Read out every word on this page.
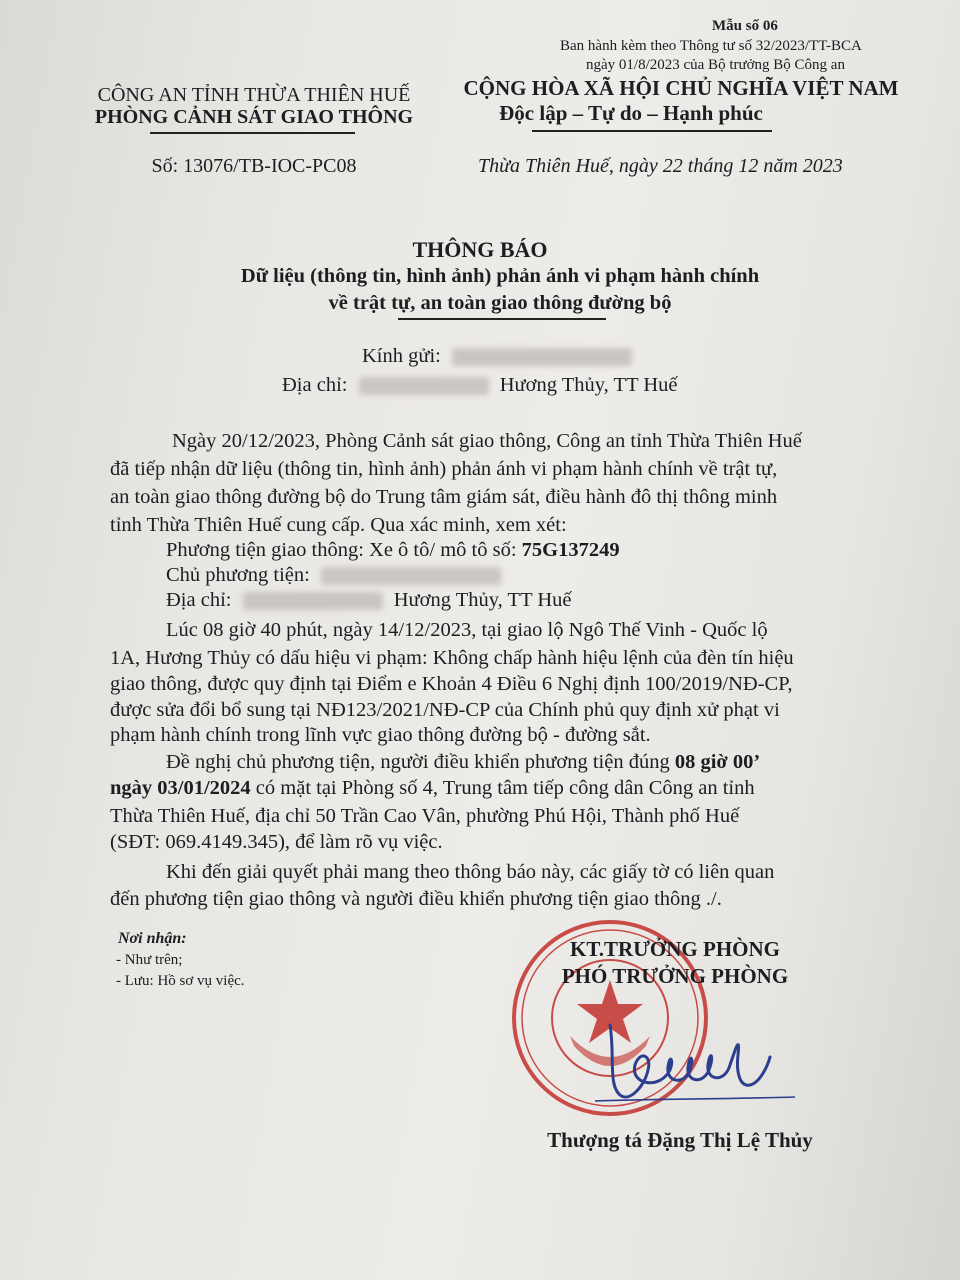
Mẫu số 06
Ban hành kèm theo Thông tư số 32/2023/TT-BCA
ngày 01/8/2023 của Bộ trưởng Bộ Công an
CÔNG AN TỈNH THỪA THIÊN HUẾ
PHÒNG CẢNH SÁT GIAO THÔNG
Số: 13076/TB-IOC-PC08
CỘNG HÒA XÃ HỘI CHỦ NGHĨA VIỆT NAM
Độc lập – Tự do – Hạnh phúc
Thừa Thiên Huế, ngày 22 tháng 12 năm 2023
THÔNG BÁO
Dữ liệu (thông tin, hình ảnh) phản ánh vi phạm hành chính
về trật tự, an toàn giao thông đường bộ
Kính gửi:
Địa chỉ:	Hương Thủy, TT Huế
Ngày 20/12/2023, Phòng Cảnh sát giao thông, Công an tỉnh Thừa Thiên Huế
đã tiếp nhận dữ liệu (thông tin, hình ảnh) phản ánh vi phạm hành chính về trật tự,
an toàn giao thông đường bộ do Trung tâm giám sát, điều hành đô thị thông minh
tỉnh Thừa Thiên Huế cung cấp. Qua xác minh, xem xét:
Phương tiện giao thông: Xe ô tô/ mô tô số: 75G137249
Chủ phương tiện:
Địa chỉ:	Hương Thủy, TT Huế
Lúc 08 giờ 40 phút, ngày 14/12/2023, tại giao lộ Ngô Thế Vinh - Quốc lộ
1A, Hương Thủy có dấu hiệu vi phạm: Không chấp hành hiệu lệnh của đèn tín hiệu
giao thông, được quy định tại Điểm e Khoản 4 Điều 6 Nghị định 100/2019/NĐ-CP,
được sửa đổi bổ sung tại NĐ123/2021/NĐ-CP của Chính phủ quy định xử phạt vi
phạm hành chính trong lĩnh vực giao thông đường bộ - đường sắt.
Đề nghị chủ phương tiện, người điều khiển phương tiện đúng 08 giờ 00’
ngày 03/01/2024 có mặt tại Phòng số 4, Trung tâm tiếp công dân Công an tỉnh
Thừa Thiên Huế, địa chỉ 50 Trần Cao Vân, phường Phú Hội, Thành phố Huế
(SĐT: 069.4149.345), để làm rõ vụ việc.
Khi đến giải quyết phải mang theo thông báo này, các giấy tờ có liên quan
đến phương tiện giao thông và người điều khiển phương tiện giao thông ./.
Nơi nhận:
- Như trên;
- Lưu: Hồ sơ vụ việc.
KT.TRƯỞNG PHÒNG
PHÓ TRƯỞNG PHÒNG
Thượng tá Đặng Thị Lệ Thủy
